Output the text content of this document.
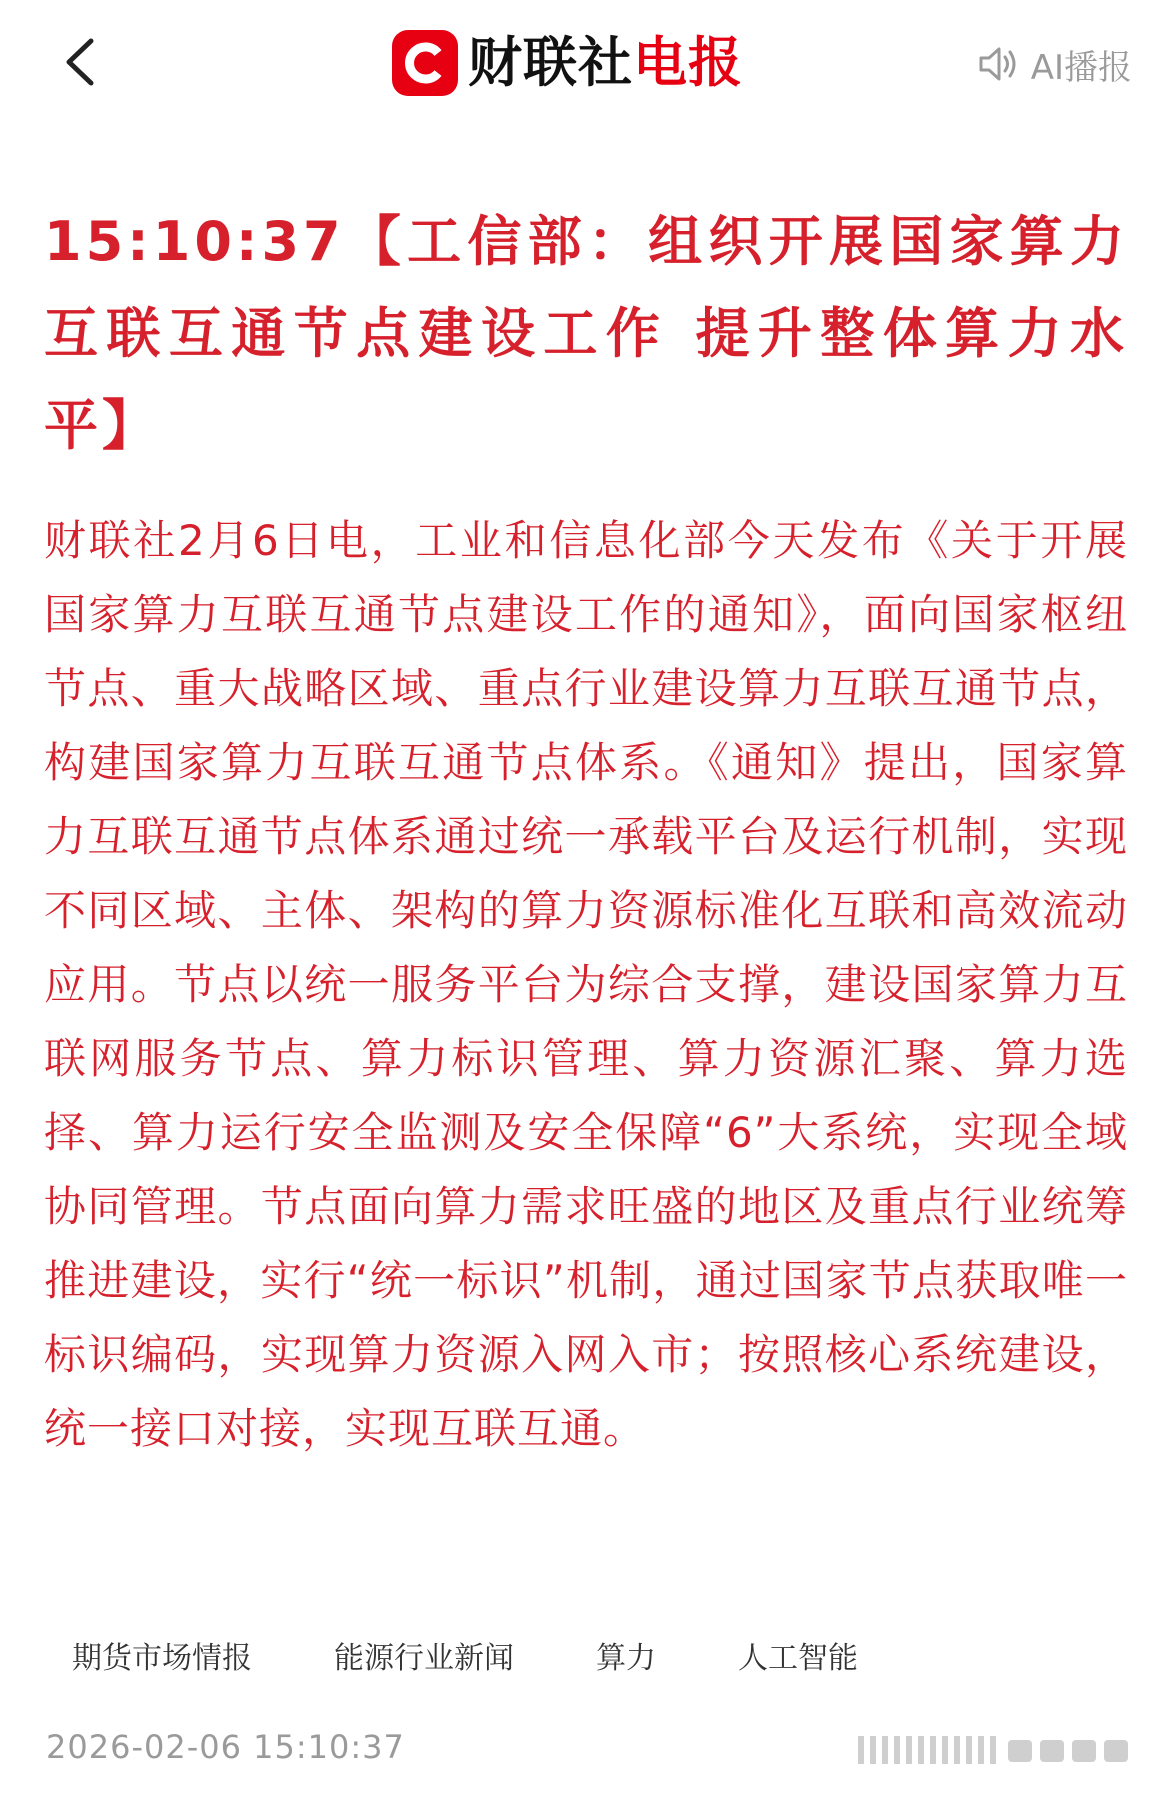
财联社电报	AI播报
15:10:37【工信部：组织开展国家算力互联互通节点建设工作 提升整体算力水平】

财联社2月6日电，工业和信息化部今天发布《关于开展国家算力互联互通节点建设工作的通知》，面向国家枢纽节点、重大战略区域、重点行业建设算力互联互通节点，构建国家算力互联互通节点体系。《通知》提出，国家算力互联互通节点体系通过统一承载平台及运行机制，实现不同区域、主体、架构的算力资源标准化互联和高效流动应用。节点以统一服务平台为综合支撑，建设国家算力互联网服务节点、算力标识管理、算力资源汇聚、算力选择、算力运行安全监测及安全保障“6”大系统，实现全域协同管理。节点面向算力需求旺盛的地区及重点行业统筹推进建设，实行“统一标识”机制，通过国家节点获取唯一标识编码，实现算力资源入网入市；按照核心系统建设，统一接口对接，实现互联互通。

期货市场情报	能源行业新闻	算力	人工智能
2026-02-06 15:10:37
